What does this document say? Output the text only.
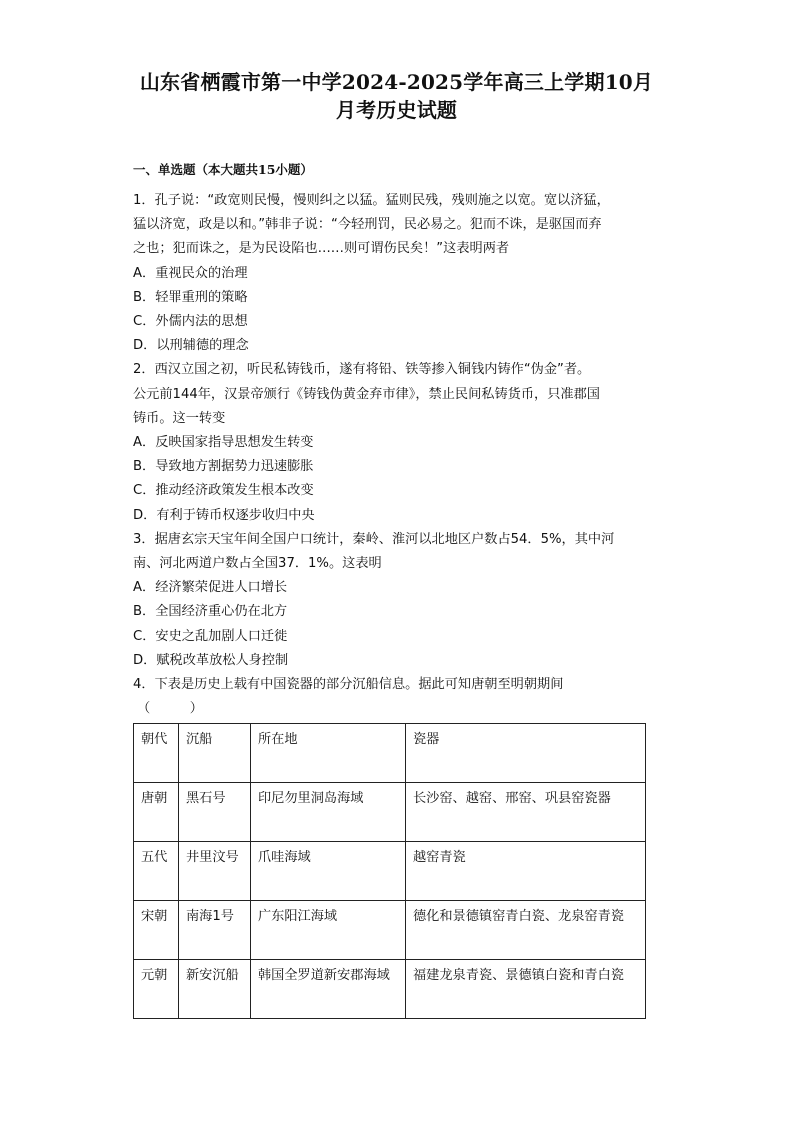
山东省栖霞市第一中学2024-2025学年高三上学期10月
月考历史试题
一、单选题（本大题共15小题）

1．孔子说：“政宽则民慢，慢则纠之以猛。猛则民残，残则施之以宽。宽以济猛，

猛以济宽，政是以和。”韩非子说：“今轻刑罚，民必易之。犯而不诛，是驱国而弃

之也；犯而诛之，是为民设陷也……则可谓伤民矣！”这表明两者

A．重视民众的治理

B．轻罪重刑的策略

C．外儒内法的思想

D．以刑辅德的理念

2．西汉立国之初，听民私铸钱币，遂有将铅、铁等掺入铜钱内铸作“伪金”者。

公元前144年，汉景帝颁行《铸钱伪黄金弃市律》，禁止民间私铸货币，只准郡国

铸币。这一转变

A．反映国家指导思想发生转变

B．导致地方割据势力迅速膨胀

C．推动经济政策发生根本改变

D．有利于铸币权逐步收归中央

3．据唐玄宗天宝年间全国户口统计，秦岭、淮河以北地区户数占54．5%，其中河

南、河北两道户数占全国37．1%。这表明

A．经济繁荣促进人口增长

B．全国经济重心仍在北方

C．安史之乱加剧人口迁徙

D．赋税改革放松人身控制

4．下表是历史上载有中国瓷器的部分沉船信息。据此可知唐朝至明朝期间

（　　　）

朝代	沉船	所在地	瓷器
唐朝	黑石号	印尼勿里洞岛海域	长沙窑、越窑、邢窑、巩县窑瓷器
五代	井里汶号	爪哇海域	越窑青瓷
宋朝	南海1号	广东阳江海域	德化和景德镇窑青白瓷、龙泉窑青瓷
元朝	新安沉船	韩国全罗道新安郡海域	福建龙泉青瓷、景德镇白瓷和青白瓷
